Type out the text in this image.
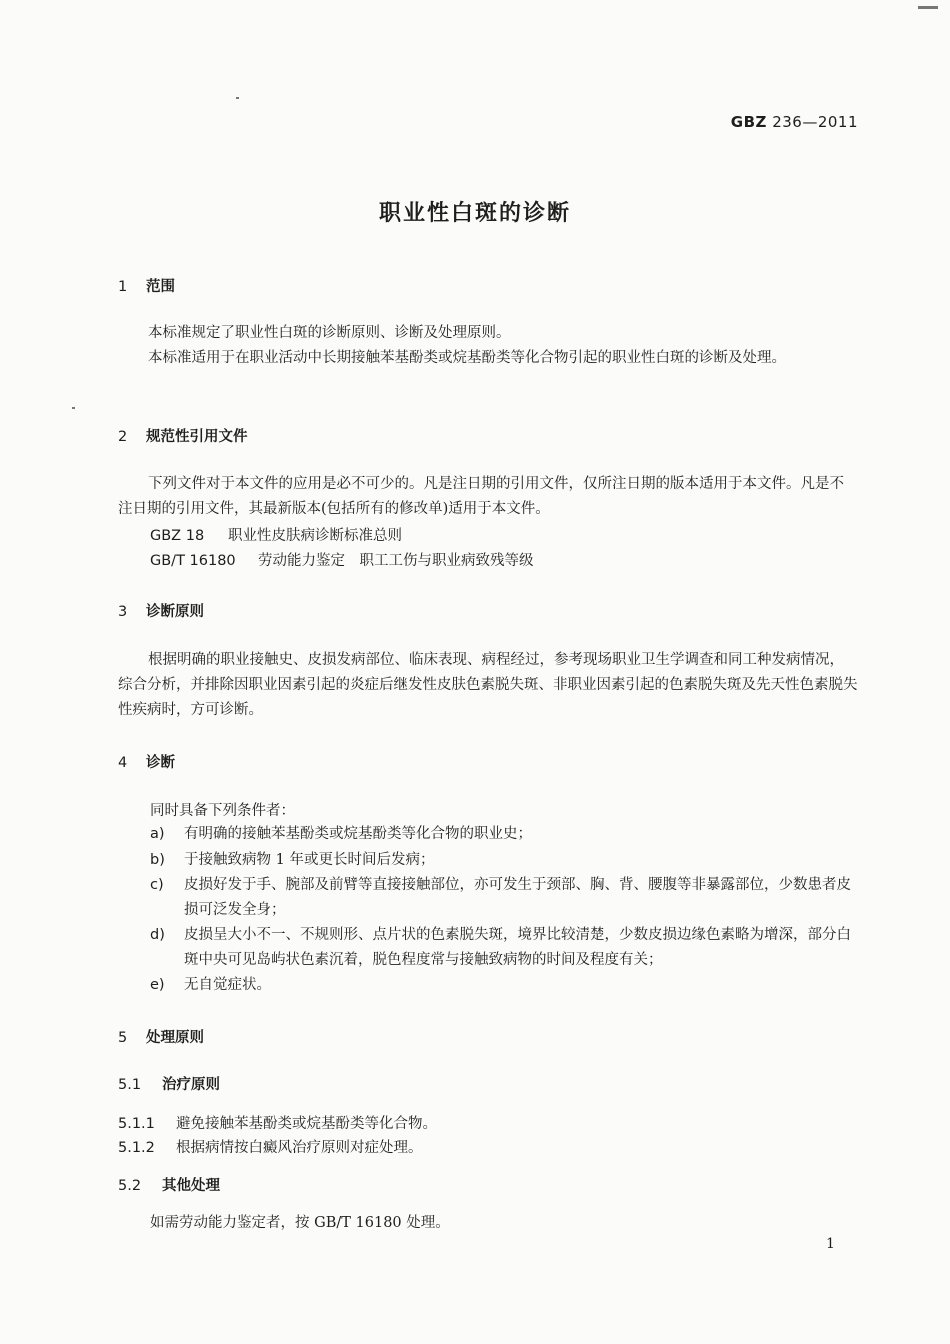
GBZ 236—2011
职业性白斑的诊断
1 范围
本标准规定了职业性白斑的诊断原则、诊断及处理原则。
本标准适用于在职业活动中长期接触苯基酚类或烷基酚类等化合物引起的职业性白斑的诊断及处理。
2 规范性引用文件
下列文件对于本文件的应用是必不可少的。凡是注日期的引用文件，仅所注日期的版本适用于本文件。凡是不注日期的引用文件，其最新版本(包括所有的修改单)适用于本文件。
GBZ 18 职业性皮肤病诊断标准总则
GB/T 16180 劳动能力鉴定　职工工伤与职业病致残等级
3 诊断原则
根据明确的职业接触史、皮损发病部位、临床表现、病程经过，参考现场职业卫生学调查和同工种发病情况，综合分析，并排除因职业因素引起的炎症后继发性皮肤色素脱失斑、非职业因素引起的色素脱失斑及先天性色素脱失性疾病时，方可诊断。
4 诊断
同时具备下列条件者：
a) 有明确的接触苯基酚类或烷基酚类等化合物的职业史；
b) 于接触致病物 1 年或更长时间后发病；
c) 皮损好发于手、腕部及前臂等直接接触部位，亦可发生于颈部、胸、背、腰腹等非暴露部位，少数患者皮损可泛发全身；
d) 皮损呈大小不一、不规则形、点片状的色素脱失斑，境界比较清楚，少数皮损边缘色素略为增深，部分白斑中央可见岛屿状色素沉着，脱色程度常与接触致病物的时间及程度有关；
e) 无自觉症状。
5 处理原则
5.1 治疗原则
5.1.1 避免接触苯基酚类或烷基酚类等化合物。
5.1.2 根据病情按白癜风治疗原则对症处理。
5.2 其他处理
如需劳动能力鉴定者，按 GB/T 16180 处理。
1
